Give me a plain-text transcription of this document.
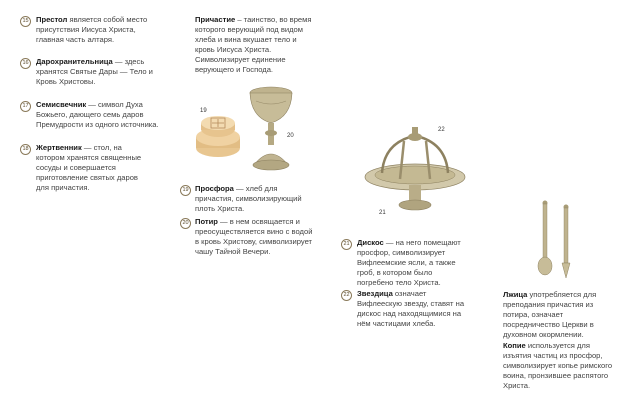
15 Престол является собой место присутствия Иисуса Христа, главная часть алтаря.
16 Дарохранительница — здесь хранятся Святые Дары — Тело и Кровь Христовы.
17 Семисвечник — символ Духа Божьего, дающего семь даров Премудрости из одного источника.
18 Жертвенник — стол, на котором хранятся священные сосуды и совершается приготовление святых даров для причастия.
Причастие – таинство, во время которого верующий под видом хлеба и вина вкушает тело и кровь Иисуса Христа. Символизирует единение верующего и Господа.
19 Просфора — хлеб для причастия, символизирующий плоть Христа.
20 Потир — в нем освящается и преосуществляется вино с водой в кровь Христову, символизирует чашу Тайной Вечери.
21 Дискос — на него помещают просфор, символизирует Вифлеемские ясли, а также гроб, в котором было погребено тело Христа.
22 Звездица означает Вифлеескую звезду, ставят на дискос над находящимися на нём частицами хлеба.
Лжица употребляется для преподания причастия из потира, означает посредничество Церкви в духовном окормлении.
Копие используется для изъятия частиц из просфор, символизирует копье римского воина, пронзившее распятого Христа.
19
20
22
21
